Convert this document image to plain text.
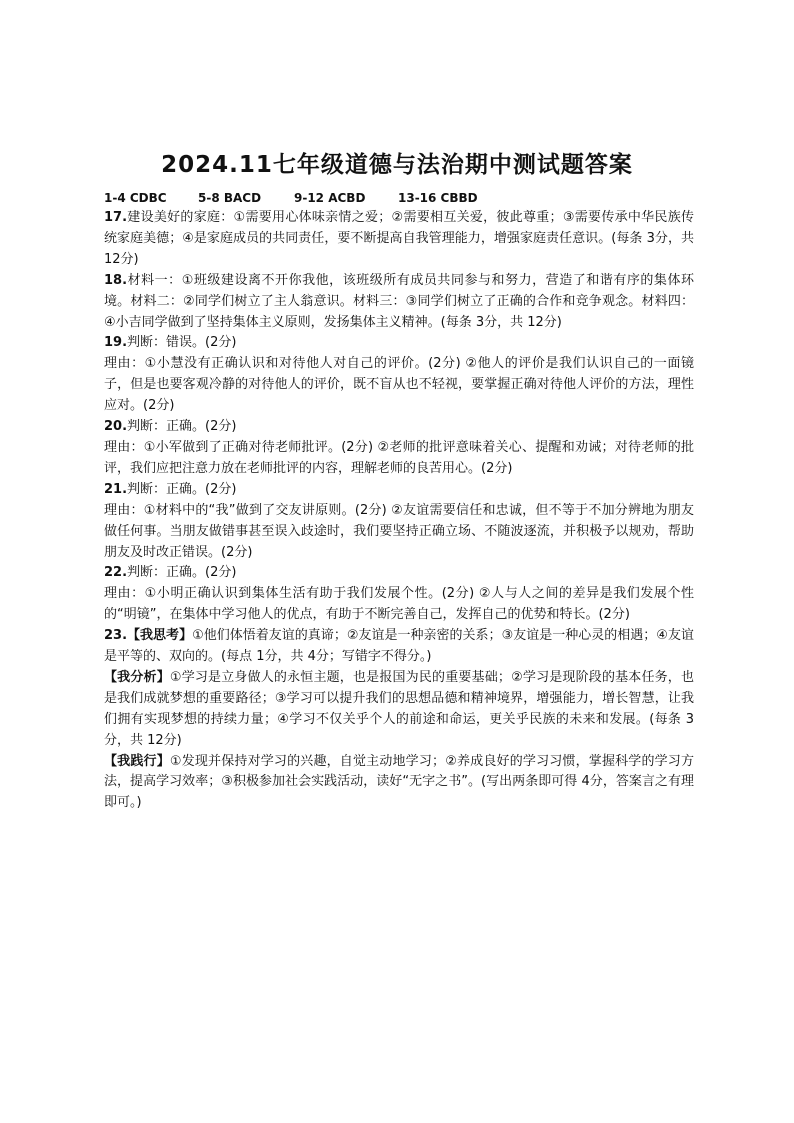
2024.11七年级道德与法治期中测试题答案
1-4 CDBC	5-8 BACD	9-12 ACBD	13-16 CBBD

17.建设美好的家庭：①需要用心体味亲情之爱；②需要相互关爱，彼此尊重；③需要传承中华民族传统家庭美德；④是家庭成员的共同责任，要不断提高自我管理能力，增强家庭责任意识。(每条 3分，共 12分)

18.材料一：①班级建设离不开你我他，该班级所有成员共同参与和努力，营造了和谐有序的集体环境。材料二：②同学们树立了主人翁意识。材料三：③同学们树立了正确的合作和竞争观念。材料四：④小吉同学做到了坚持集体主义原则，发扬集体主义精神。(每条 3分，共 12分)

19.判断：错误。(2分)

理由：①小慧没有正确认识和对待他人对自己的评价。(2分) ②他人的评价是我们认识自己的一面镜子，但是也要客观冷静的对待他人的评价，既不盲从也不轻视，要掌握正确对待他人评价的方法，理性应对。(2分)

20.判断：正确。(2分)

理由：①小军做到了正确对待老师批评。(2分) ②老师的批评意味着关心、提醒和劝诫；对待老师的批评，我们应把注意力放在老师批评的内容，理解老师的良苦用心。(2分)

21.判断：正确。(2分)

理由：①材料中的“我”做到了交友讲原则。(2分) ②友谊需要信任和忠诚，但不等于不加分辨地为朋友做任何事。当朋友做错事甚至误入歧途时，我们要坚持正确立场、不随波逐流，并积极予以规劝，帮助朋友及时改正错误。(2分)

22.判断：正确。(2分)

理由：①小明正确认识到集体生活有助于我们发展个性。(2分) ②人与人之间的差异是我们发展个性的“明镜”，在集体中学习他人的优点，有助于不断完善自己，发挥自己的优势和特长。(2分)

23.【我思考】①他们体悟着友谊的真谛；②友谊是一种亲密的关系；③友谊是一种心灵的相遇；④友谊是平等的、双向的。(每点 1分，共 4分；写错字不得分。)

【我分析】①学习是立身做人的永恒主题，也是报国为民的重要基础；②学习是现阶段的基本任务，也是我们成就梦想的重要路径；③学习可以提升我们的思想品德和精神境界，增强能力，增长智慧，让我们拥有实现梦想的持续力量；④学习不仅关乎个人的前途和命运，更关乎民族的未来和发展。(每条 3分，共 12分)

【我践行】①发现并保持对学习的兴趣，自觉主动地学习；②养成良好的学习习惯，掌握科学的学习方法，提高学习效率；③积极参加社会实践活动，读好“无字之书”。(写出两条即可得 4分，答案言之有理即可。)
